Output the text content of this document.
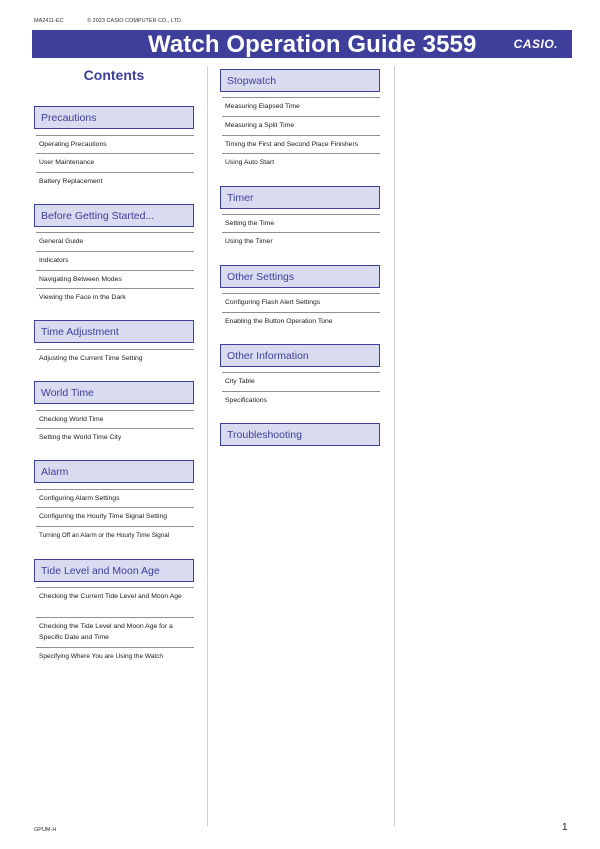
MA2411-EC	© 2023 CASIO COMPUTER CO., LTD.
Watch Operation Guide 3559	CASIO.
Contents
Precautions
Operating Precautions
User Maintenance
Battery Replacement
Before Getting Started...
General Guide
Indicators
Navigating Between Modes
Viewing the Face in the Dark
Time Adjustment
Adjusting the Current Time Setting
World Time
Checking World Time
Setting the World Time City
Alarm
Configuring Alarm Settings
Configuring the Hourly Time Signal Setting
Turning Off an Alarm or the Hourly Time Signal
Tide Level and Moon Age
Checking the Current Tide Level and Moon Age
Checking the Tide Level and Moon Age for a Specific Date and Time
Specifying Where You are Using the Watch
Stopwatch
Measuring Elapsed Time
Measuring a Split Time
Timing the First and Second Place Finishers
Using Auto Start
Timer
Setting the Time
Using the Timer
Other Settings
Configuring Flash Alert Settings
Enabling the Button Operation Tone
Other Information
City Table
Specifications
Troubleshooting
GPUM-H	1
